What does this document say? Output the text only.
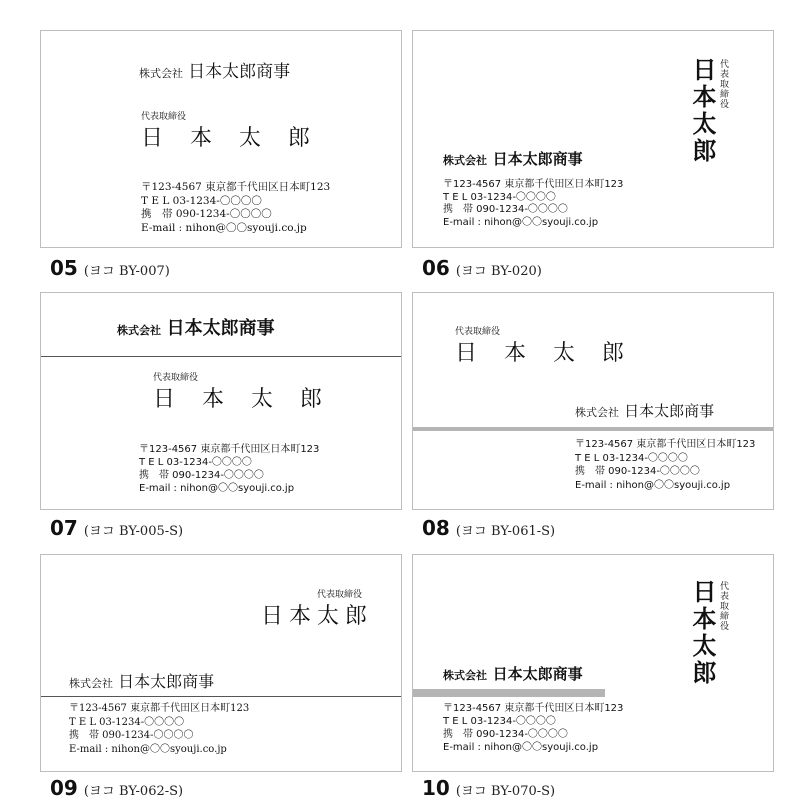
株式会社 日本太郎商事
代表取締役
日 本 太 郎
〒123-4567 東京都千代田区日本町123
T E L 03-1234-〇〇〇〇
携　帯 090-1234-〇〇〇〇
E-mail : nihon@〇〇syouji.co.jp
05 (ヨコ BY-007)
日本太郎 代表取締役
株式会社 日本太郎商事
〒123-4567 東京都千代田区日本町123
T E L 03-1234-〇〇〇〇
携　帯 090-1234-〇〇〇〇
E-mail : nihon@〇〇syouji.co.jp
06 (ヨコ BY-020)
株式会社 日本太郎商事
代表取締役
日 本 太 郎
〒123-4567 東京都千代田区日本町123
T E L 03-1234-〇〇〇〇
携　帯 090-1234-〇〇〇〇
E-mail : nihon@〇〇syouji.co.jp
07 (ヨコ BY-005-S)
代表取締役
日 本 太 郎
株式会社 日本太郎商事
〒123-4567 東京都千代田区日本町123
T E L 03-1234-〇〇〇〇
携　帯 090-1234-〇〇〇〇
E-mail : nihon@〇〇syouji.co.jp
08 (ヨコ BY-061-S)
代表取締役
日本太郎
株式会社 日本太郎商事
〒123-4567 東京都千代田区日本町123
T E L 03-1234-〇〇〇〇
携　帯 090-1234-〇〇〇〇
E-mail : nihon@〇〇syouji.co.jp
09 (ヨコ BY-062-S)
日本太郎 代表取締役
株式会社 日本太郎商事
〒123-4567 東京都千代田区日本町123
T E L 03-1234-〇〇〇〇
携　帯 090-1234-〇〇〇〇
E-mail : nihon@〇〇syouji.co.jp
10 (ヨコ BY-070-S)
